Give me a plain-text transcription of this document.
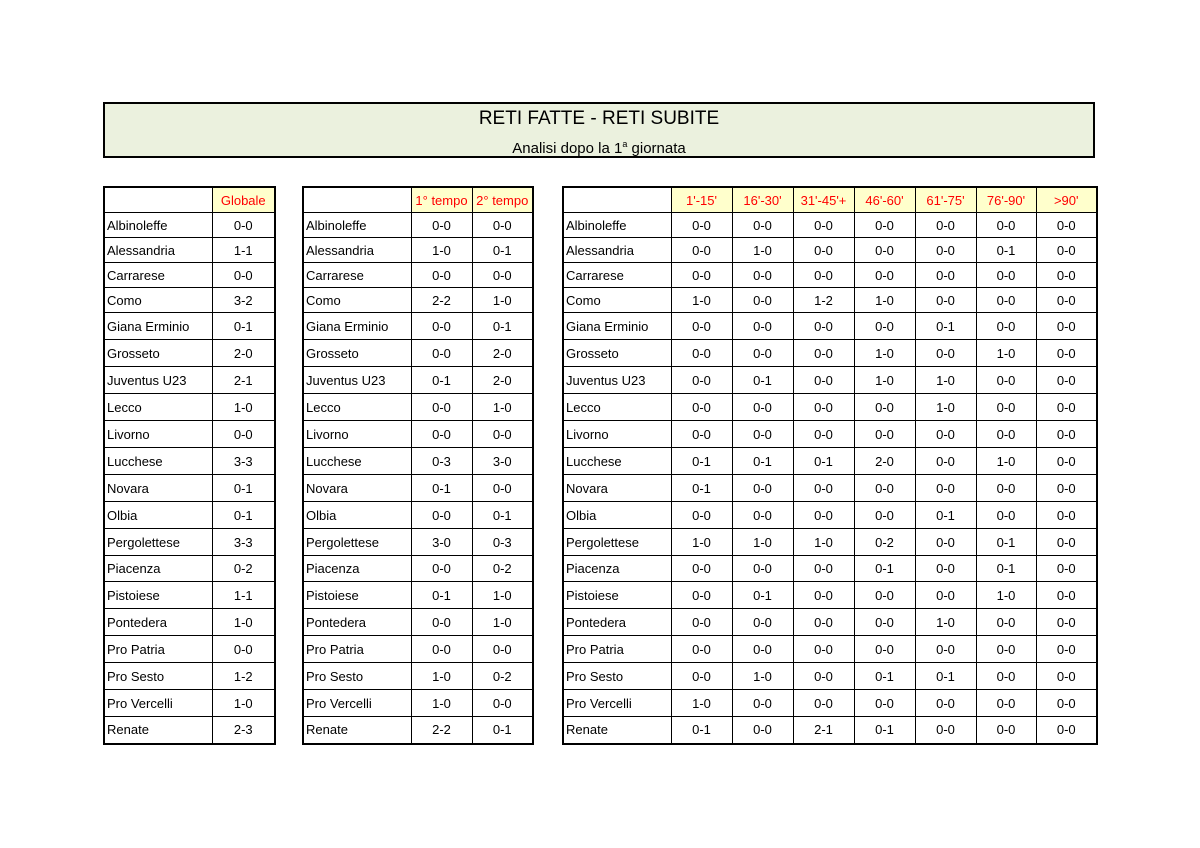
RETI FATTE - RETI SUBITE
Analisi dopo la 1$^a$ giornata
	Globale
Albinoleffe	0-0
Alessandria	1-1
Carrarese	0-0
Como	3-2
Giana Erminio	0-1
Grosseto	2-0
Juventus U23	2-1
Lecco	1-0
Livorno	0-0
Lucchese	3-3
Novara	0-1
Olbia	0-1
Pergolettese	3-3
Piacenza	0-2
Pistoiese	1-1
Pontedera	1-0
Pro Patria	0-0
Pro Sesto	1-2
Pro Vercelli	1-0
Renate	2-3
	1° tempo	2° tempo
Albinoleffe	0-0	0-0
Alessandria	1-0	0-1
Carrarese	0-0	0-0
Como	2-2	1-0
Giana Erminio	0-0	0-1
Grosseto	0-0	2-0
Juventus U23	0-1	2-0
Lecco	0-0	1-0
Livorno	0-0	0-0
Lucchese	0-3	3-0
Novara	0-1	0-0
Olbia	0-0	0-1
Pergolettese	3-0	0-3
Piacenza	0-0	0-2
Pistoiese	0-1	1-0
Pontedera	0-0	1-0
Pro Patria	0-0	0-0
Pro Sesto	1-0	0-2
Pro Vercelli	1-0	0-0
Renate	2-2	0-1
	1'-15'	16'-30'	31'-45'+	46'-60'	61'-75'	76'-90'	>90'
Albinoleffe	0-0	0-0	0-0	0-0	0-0	0-0	0-0
Alessandria	0-0	1-0	0-0	0-0	0-0	0-1	0-0
Carrarese	0-0	0-0	0-0	0-0	0-0	0-0	0-0
Como	1-0	0-0	1-2	1-0	0-0	0-0	0-0
Giana Erminio	0-0	0-0	0-0	0-0	0-1	0-0	0-0
Grosseto	0-0	0-0	0-0	1-0	0-0	1-0	0-0
Juventus U23	0-0	0-1	0-0	1-0	1-0	0-0	0-0
Lecco	0-0	0-0	0-0	0-0	1-0	0-0	0-0
Livorno	0-0	0-0	0-0	0-0	0-0	0-0	0-0
Lucchese	0-1	0-1	0-1	2-0	0-0	1-0	0-0
Novara	0-1	0-0	0-0	0-0	0-0	0-0	0-0
Olbia	0-0	0-0	0-0	0-0	0-1	0-0	0-0
Pergolettese	1-0	1-0	1-0	0-2	0-0	0-1	0-0
Piacenza	0-0	0-0	0-0	0-1	0-0	0-1	0-0
Pistoiese	0-0	0-1	0-0	0-0	0-0	1-0	0-0
Pontedera	0-0	0-0	0-0	0-0	1-0	0-0	0-0
Pro Patria	0-0	0-0	0-0	0-0	0-0	0-0	0-0
Pro Sesto	0-0	1-0	0-0	0-1	0-1	0-0	0-0
Pro Vercelli	1-0	0-0	0-0	0-0	0-0	0-0	0-0
Renate	0-1	0-0	2-1	0-1	0-0	0-0	0-0
